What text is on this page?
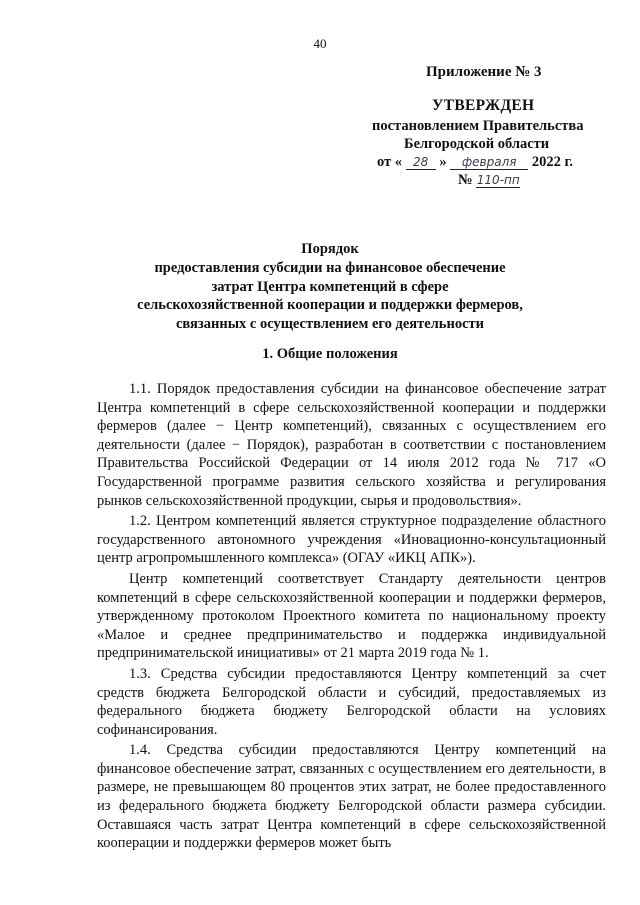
40
Приложение № 3
УТВЕРЖДЕН
постановлением Правительства
Белгородской области
от « 28 » февраля 2022 г.
№ 110-пп
Порядок
предоставления субсидии на финансовое обеспечение
затрат Центра компетенций в сфере
сельскохозяйственной кооперации и поддержки фермеров,
связанных с осуществлением его деятельности
1. Общие положения

1.1. Порядок предоставления субсидии на финансовое обеспечение затрат Центра компетенций в сфере сельскохозяйственной кооперации и поддержки фермеров (далее − Центр компетенций), связанных с осуществлением его деятельности (далее − Порядок), разработан в соответствии с постановлением Правительства Российской Федерации от 14 июля 2012 года № 717 «О Государственной программе развития сельского хозяйства и регулирования рынков сельскохозяйственной продукции, сырья и продовольствия».

1.2. Центром компетенций является структурное подразделение областного государственного автономного учреждения «Иновационно-консультационный центр агропромышленного комплекса» (ОГАУ «ИКЦ АПК»).

Центр компетенций соответствует Стандарту деятельности центров компетенций в сфере сельскохозяйственной кооперации и поддержки фермеров, утвержденному протоколом Проектного комитета по национальному проекту «Малое и среднее предпринимательство и поддержка индивидуальной предпринимательской инициативы» от 21 марта 2019 года № 1.

1.3. Средства субсидии предоставляются Центру компетенций за счет средств бюджета Белгородской области и субсидий, предоставляемых из федерального бюджета бюджету Белгородской области на условиях софинансирования.

1.4. Средства субсидии предоставляются Центру компетенций на финансовое обеспечение затрат, связанных с осуществлением его деятельности, в размере, не превышающем 80 процентов этих затрат, не более предоставленного из федерального бюджета бюджету Белгородской области размера субсидии. Оставшаяся часть затрат Центра компетенций в сфере сельскохозяйственной кооперации и поддержки фермеров может быть
